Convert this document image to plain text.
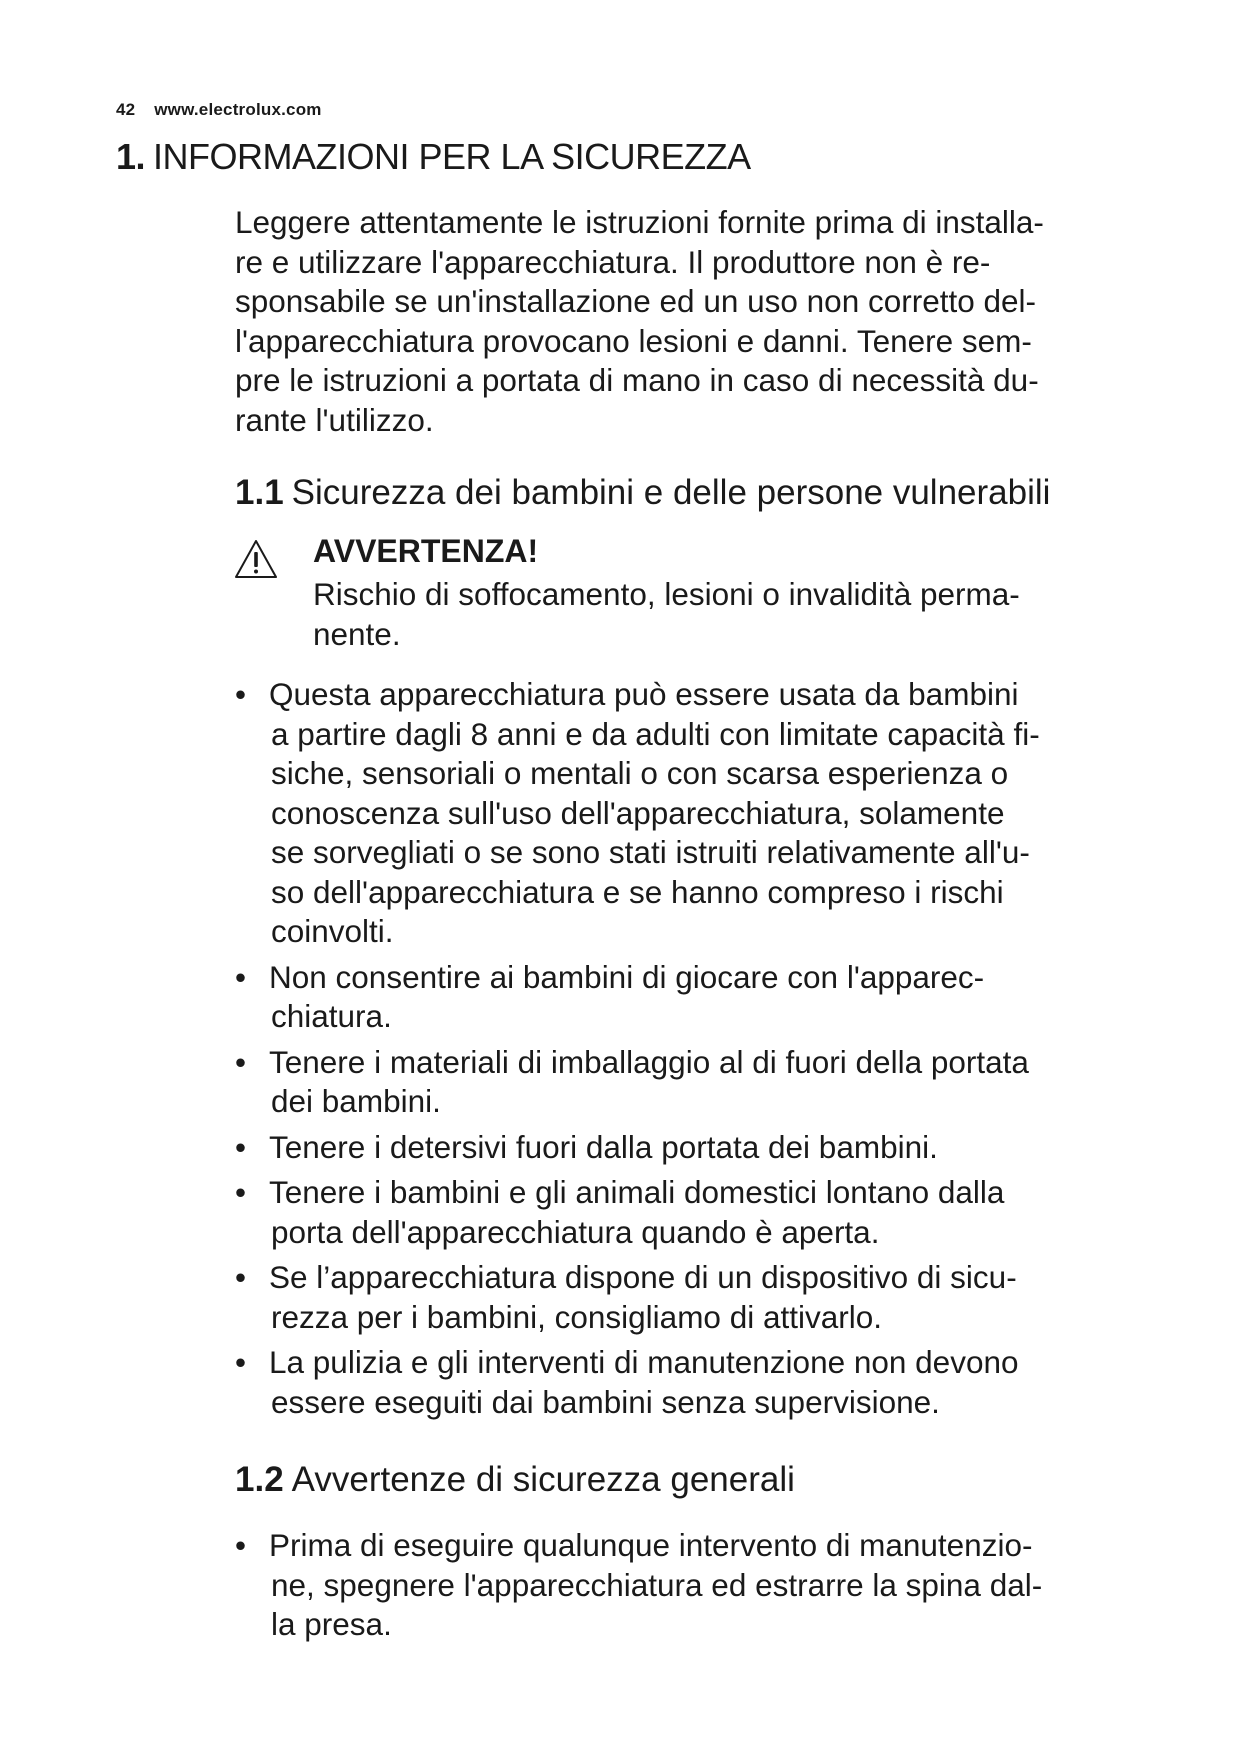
42 www.electrolux.com
1. INFORMAZIONI PER LA SICUREZZA

Leggere attentamente le istruzioni fornite prima di installa-
re e utilizzare l'apparecchiatura. Il produttore non è re-
sponsabile se un'installazione ed un uso non corretto del-
l'apparecchiatura provocano lesioni e danni. Tenere sem-
pre le istruzioni a portata di mano in caso di necessità du-
rante l'utilizzo.

1.1 Sicurezza dei bambini e delle persone vulnerabili
AVVERTENZA!
Rischio di soffocamento, lesioni o invalidità perma-
nente.
• Questa apparecchiatura può essere usata da bambini
a partire dagli 8 anni e da adulti con limitate capacità fi-
siche, sensoriali o mentali o con scarsa esperienza o
conoscenza sull'uso dell'apparecchiatura, solamente
se sorvegliati o se sono stati istruiti relativamente all'u-
so dell'apparecchiatura e se hanno compreso i rischi
coinvolti.
• Non consentire ai bambini di giocare con l'apparec-
chiatura.
• Tenere i materiali di imballaggio al di fuori della portata
dei bambini.
• Tenere i detersivi fuori dalla portata dei bambini.
• Tenere i bambini e gli animali domestici lontano dalla
porta dell'apparecchiatura quando è aperta.
• Se l’apparecchiatura dispone di un dispositivo di sicu-
rezza per i bambini, consigliamo di attivarlo.
• La pulizia e gli interventi di manutenzione non devono
essere eseguiti dai bambini senza supervisione.
1.2 Avvertenze di sicurezza generali
• Prima di eseguire qualunque intervento di manutenzio-
ne, spegnere l'apparecchiatura ed estrarre la spina dal-
la presa.
